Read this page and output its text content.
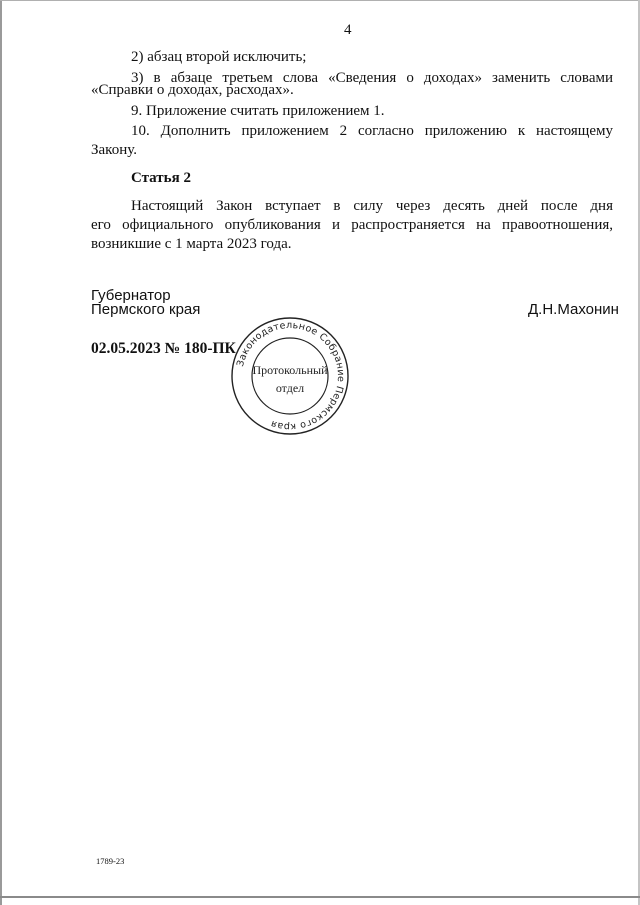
4

2) абзац второй исключить;

3) в абзаце третьем слова «Сведения о доходах» заменить словами

«Справки о доходах, расходах».

9. Приложение считать приложением 1.

10. Дополнить приложением 2 согласно приложению к настоящему

Закону.

Статья 2

Настоящий Закон вступает в силу через десять дней после дня

его официального опубликования и распространяется на правоотношения,

возникшие с 1 марта 2023 года.

Губернатор
Пермского края	Д.Н.Махонин
02.05.2023 № 180-ПК
Законодательное Собрание Пермского края
Протокольный
отдел
1789-23
